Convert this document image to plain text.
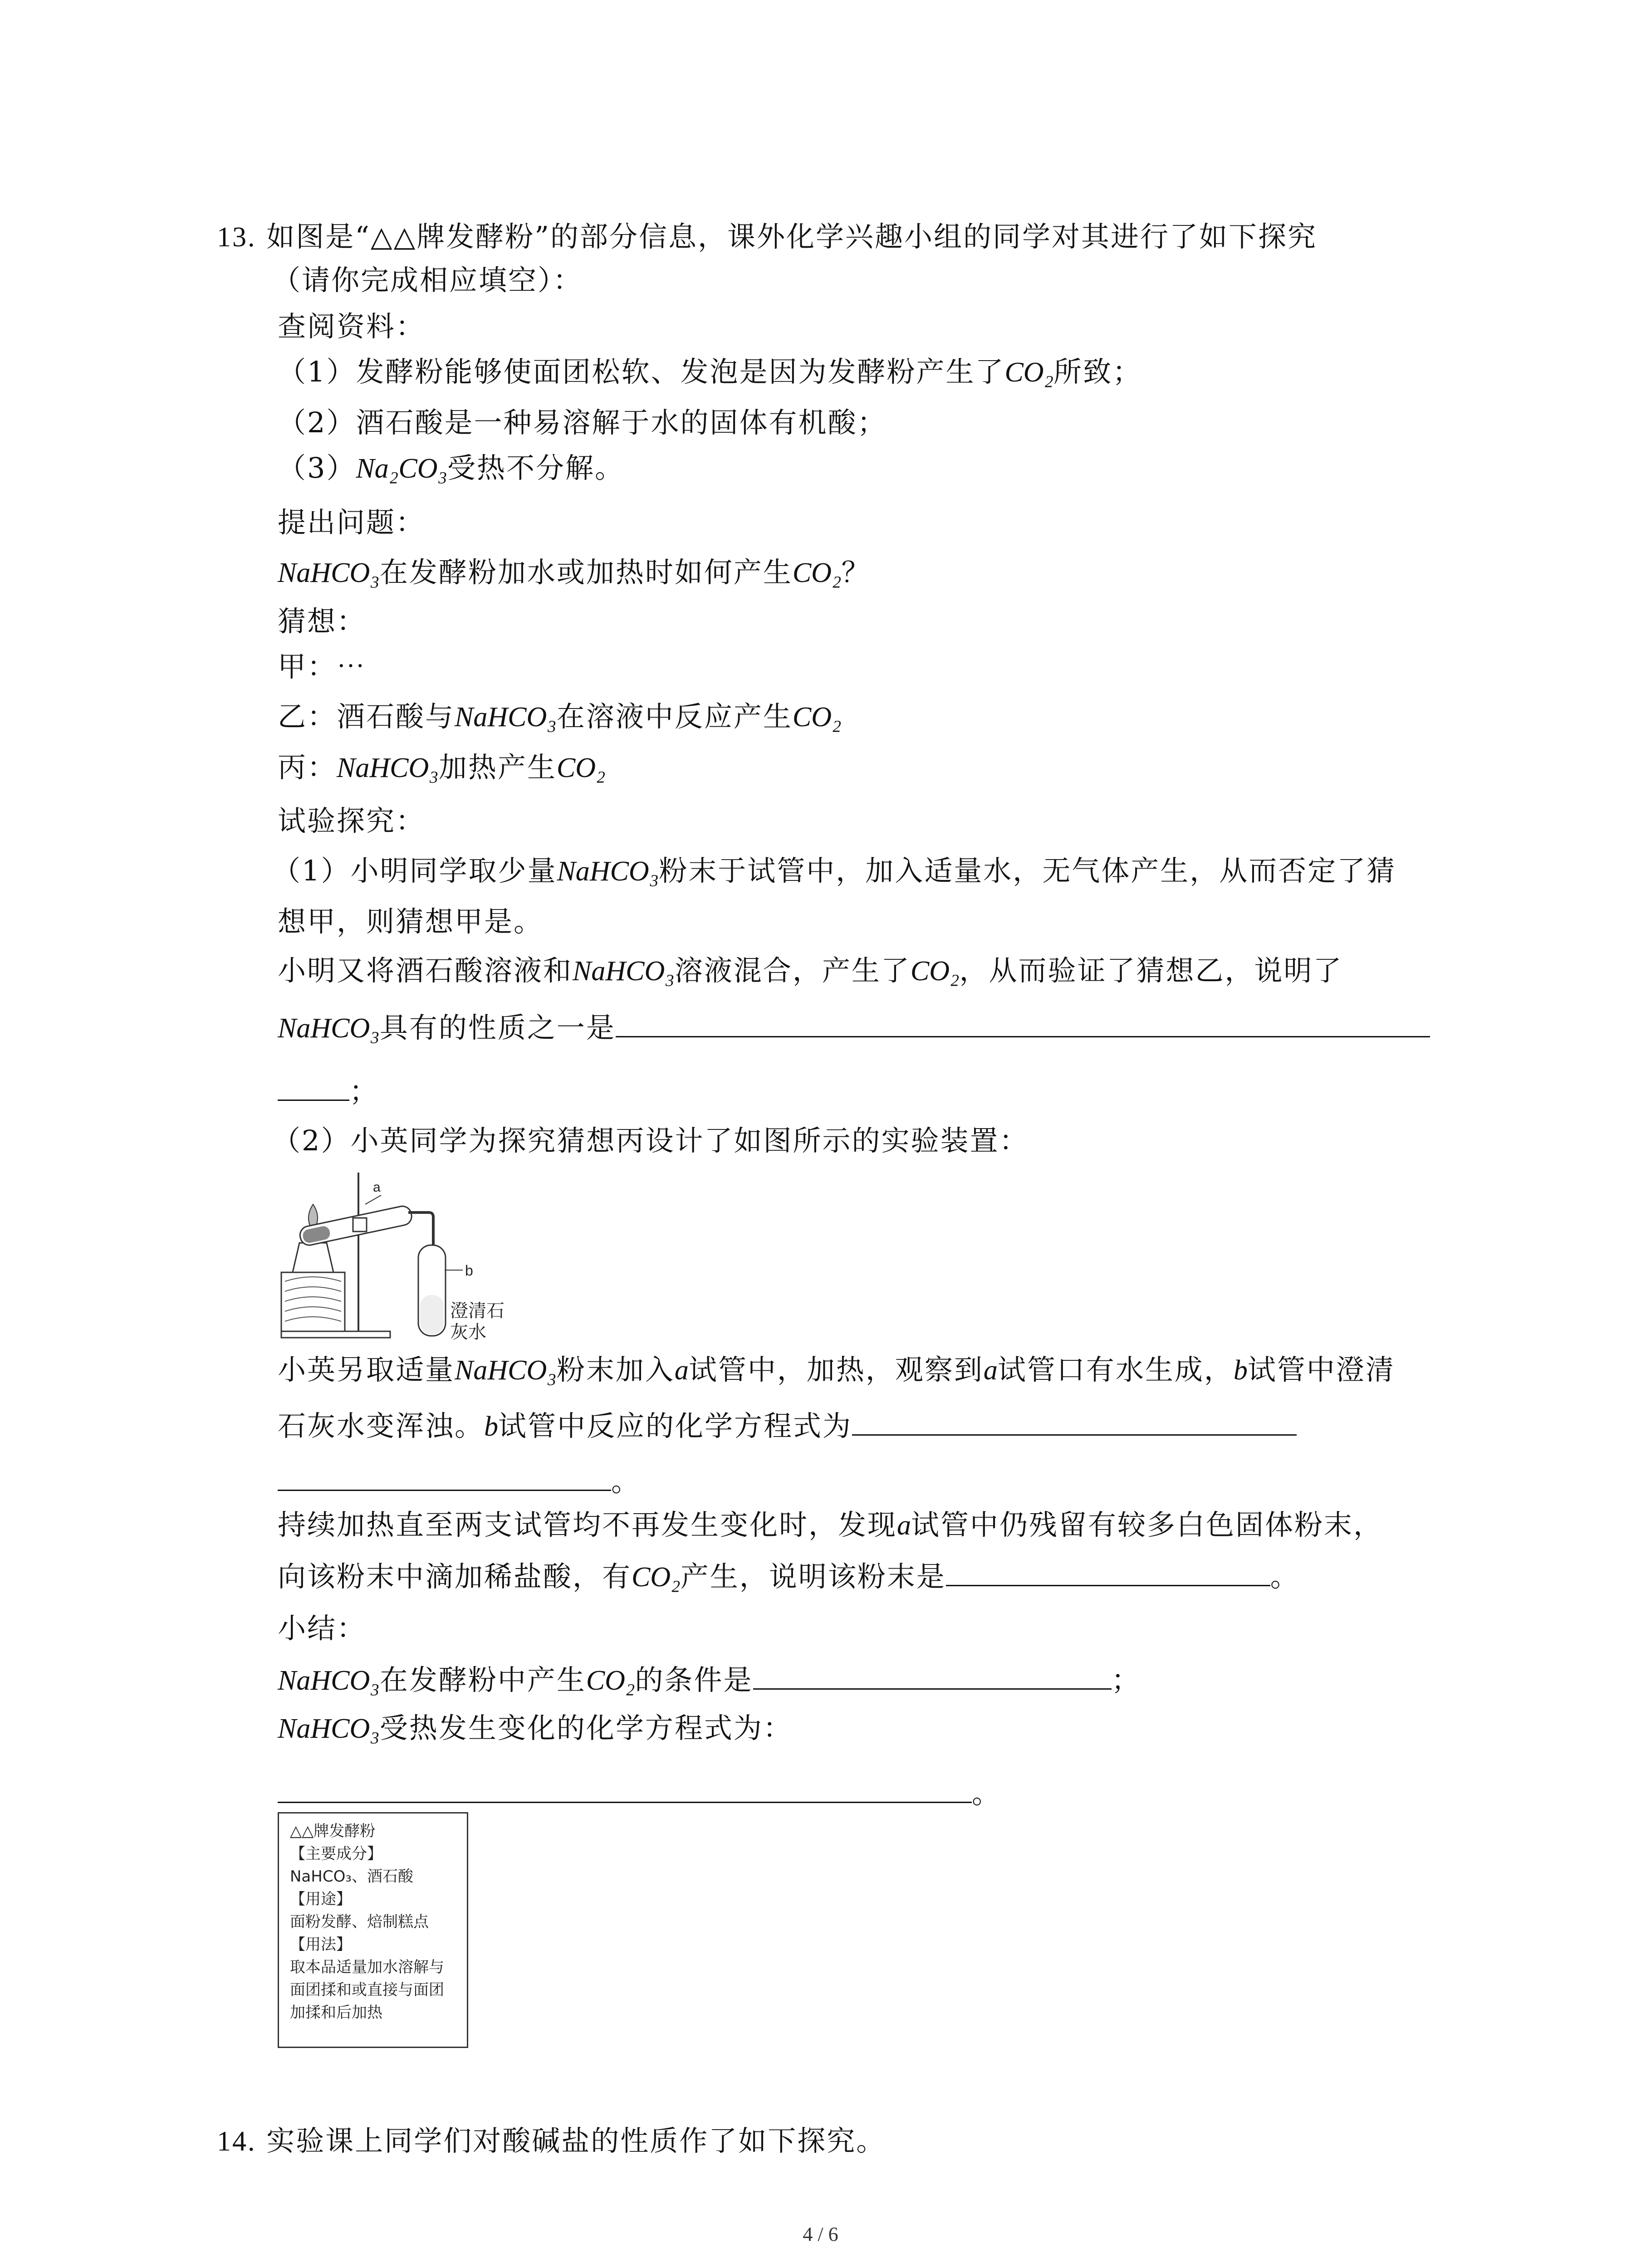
13. 如图是“△△牌发酵粉”的部分信息，课外化学兴趣小组的同学对其进行了如下探究
（请你完成相应填空）：
查阅资料：
（1）发酵粉能够使面团松软、发泡是因为发酵粉产生了CO₂所致；
（2）酒石酸是一种易溶解于水的固体有机酸；
（3）Na₂CO₃受热不分解。
提出问题：
NaHCO₃在发酵粉加水或加热时如何产生CO₂？
猜想：
甲：⋯
乙：酒石酸与NaHCO₃在溶液中反应产生CO₂
丙：NaHCO₃加热产生CO₂
试验探究：
（1）小明同学取少量NaHCO₃粉末于试管中，加入适量水，无气体产生，从而否定了猜
想甲，则猜想甲是。
小明又将酒石酸溶液和NaHCO₃溶液混合，产生了CO₂，从而验证了猜想乙，说明了
NaHCO₃具有的性质之一是
；
（2）小英同学为探究猜想丙设计了如图所示的实验装置：
a
b
澄清石
灰水
小英另取适量NaHCO₃粉末加入a试管中，加热，观察到a试管口有水生成，b试管中澄清
石灰水变浑浊。b试管中反应的化学方程式为
。
持续加热直至两支试管均不再发生变化时，发现a试管中仍残留有较多白色固体粉末，
向该粉末中滴加稀盐酸，有CO₂产生，说明该粉末是	。
小结：
NaHCO₃在发酵粉中产生CO₂的条件是	；
NaHCO₃受热发生变化的化学方程式为：
。
△△牌发酵粉
【主要成分】
NaHCO₃、酒石酸
【用途】
面粉发酵、焙制糕点
【用法】
取本品适量加水溶解与
面团揉和或直接与面团
加揉和后加热
14. 实验课上同学们对酸碱盐的性质作了如下探究。
4 / 6
